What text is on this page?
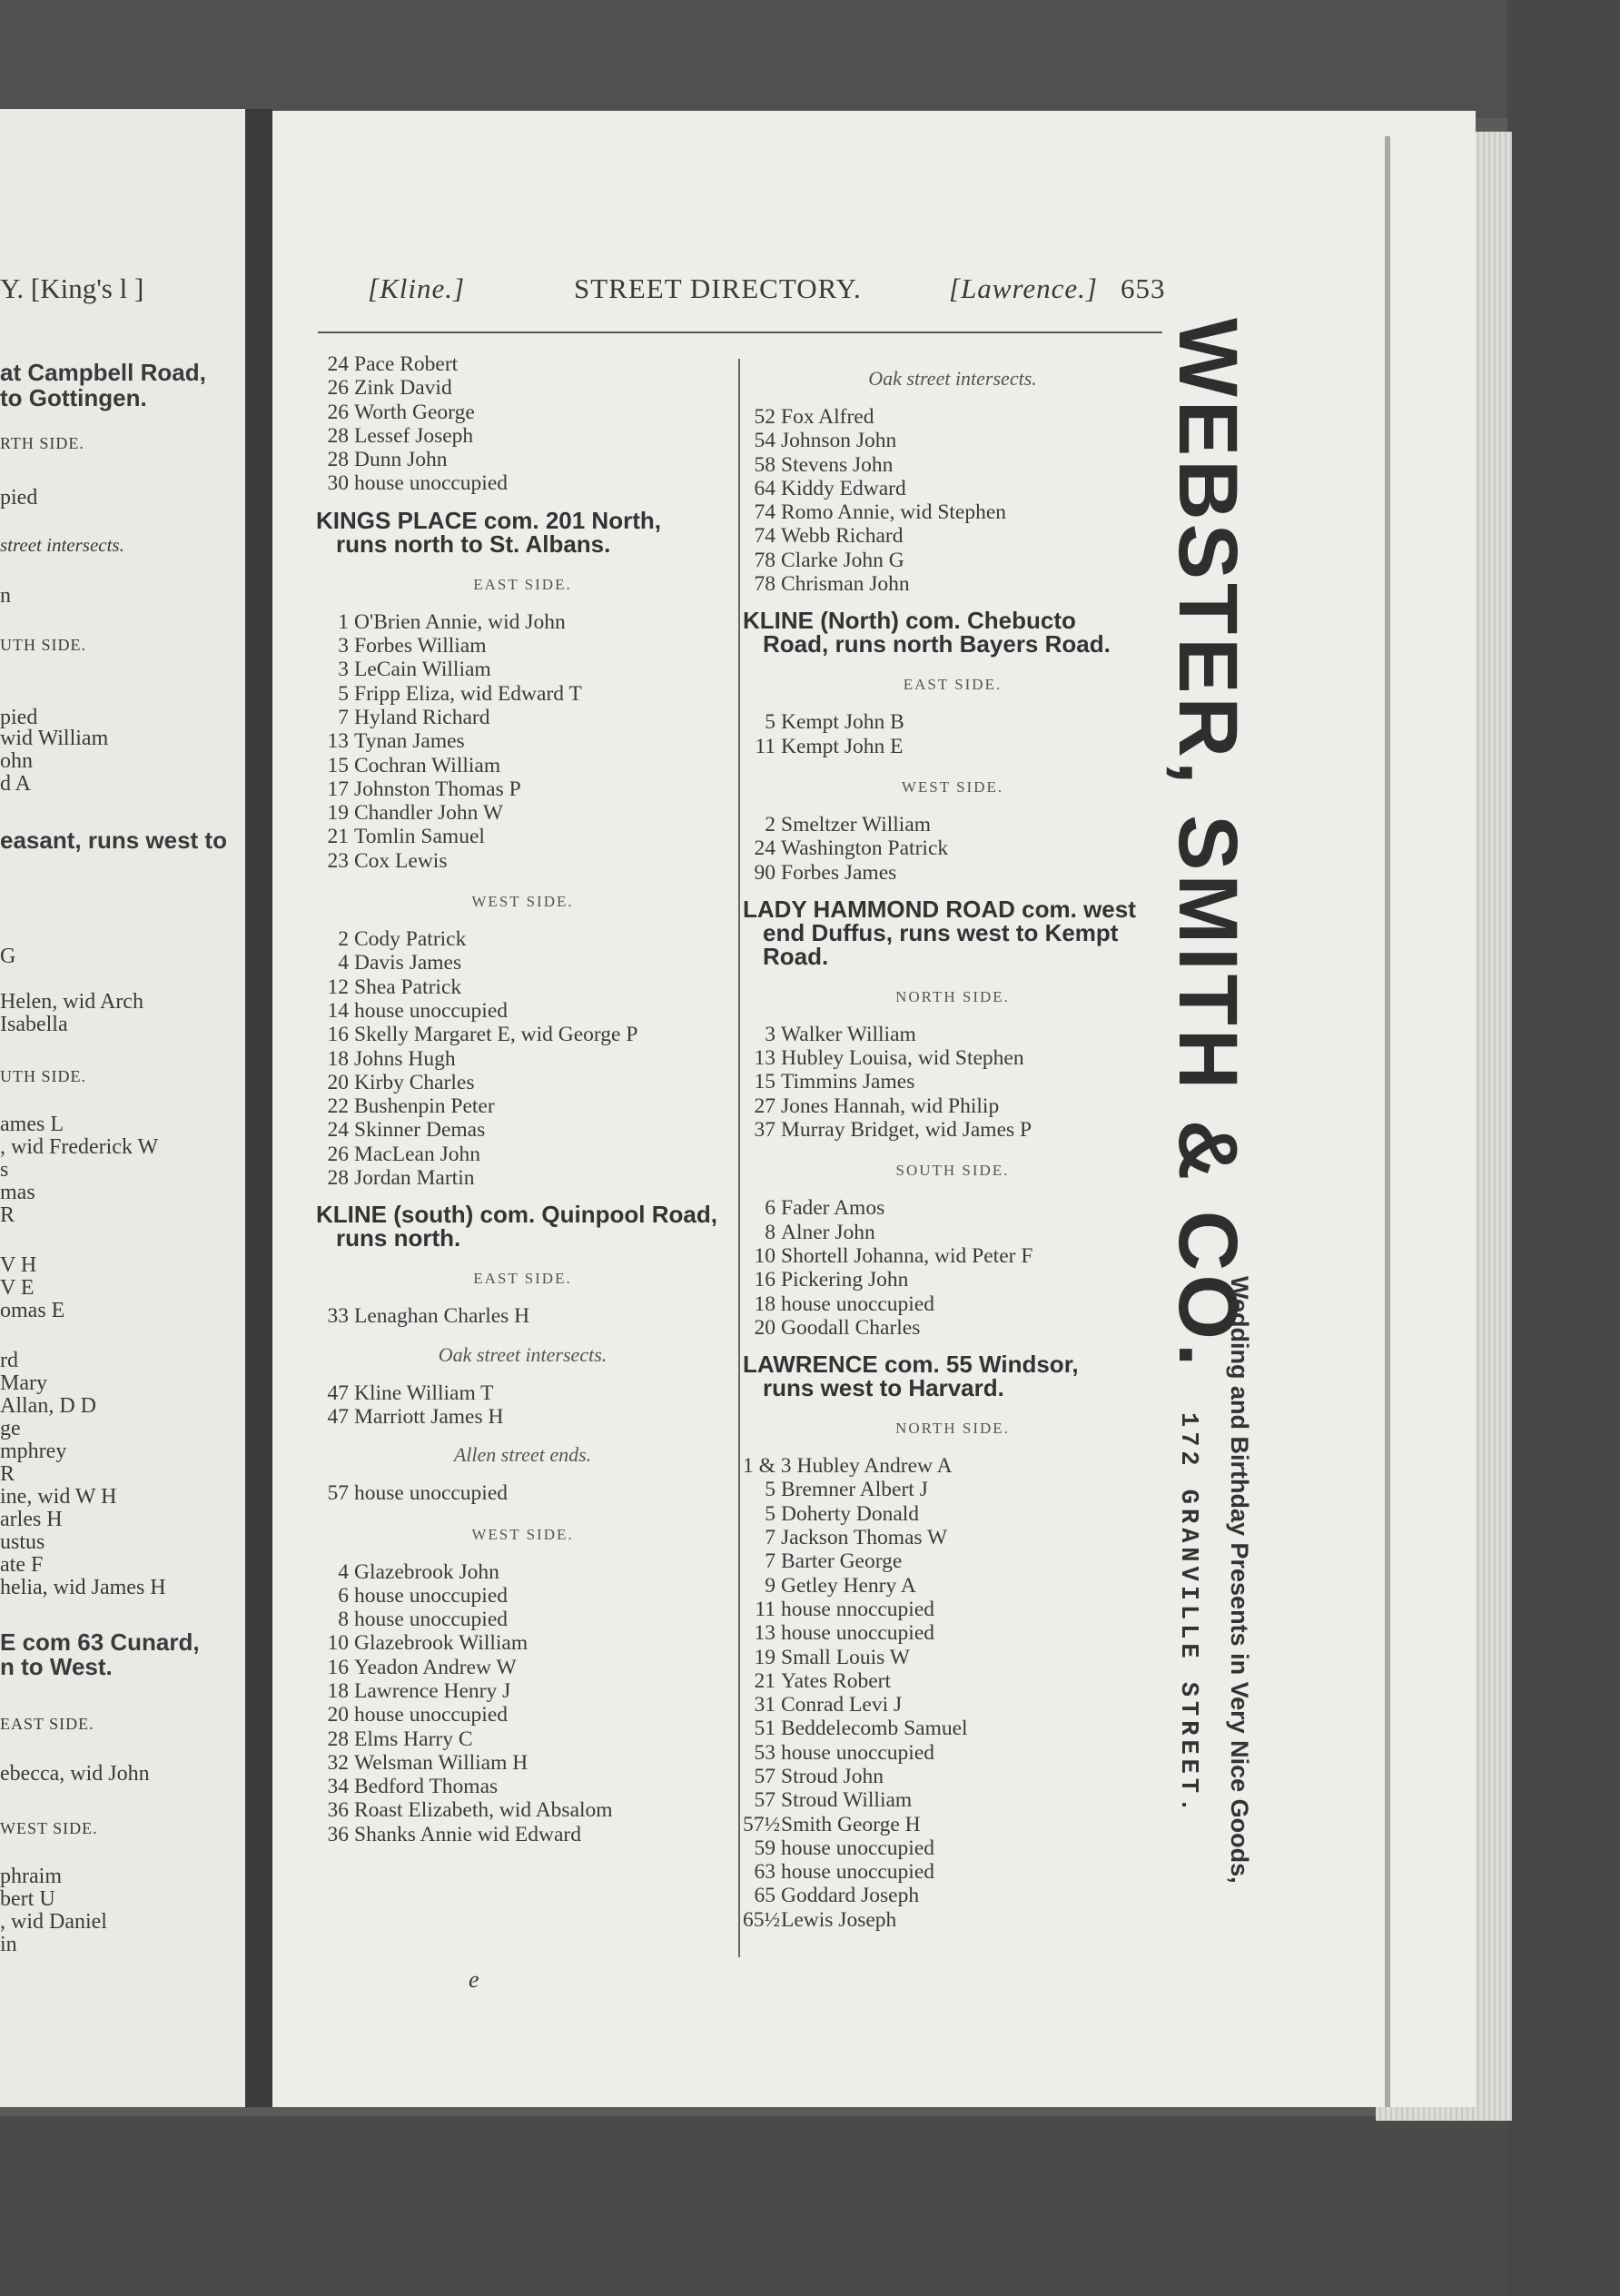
Y. [King's l ]
at Campbell Road,
to Gottingen.
RTH SIDE.
pied
street intersects.
n
UTH SIDE.
pied
wid William
ohn
d A
easant, runs west to
G
Helen, wid Arch
Isabella
UTH SIDE.
ames L
, wid Frederick W
s
mas
R
V H
V E
omas E
rd
Mary
Allan, D D
ge
mphrey
R
ine, wid W H
arles H
ustus
ate F
helia, wid James H
E com 63 Cunard,
n to West.
EAST SIDE.
ebecca, wid John
WEST SIDE.
phraim
bert U
, wid Daniel
in
[Kline.]	STREET DIRECTORY.	[Lawrence.] 653
24 Pace Robert
26 Zink David
26 Worth George
28 Lessef Joseph
28 Dunn John
30 house unoccupied
KINGS PLACE com. 201 North,
runs north to St. Albans.
EAST SIDE.
1 O'Brien Annie, wid John
3 Forbes William
3 LeCain William
5 Fripp Eliza, wid Edward T
7 Hyland Richard
13 Tynan James
15 Cochran William
17 Johnston Thomas P
19 Chandler John W
21 Tomlin Samuel
23 Cox Lewis
WEST SIDE.
2 Cody Patrick
4 Davis James
12 Shea Patrick
14 house unoccupied
16 Skelly Margaret E, wid George P
18 Johns Hugh
20 Kirby Charles
22 Bushenpin Peter
24 Skinner Demas
26 MacLean John
28 Jordan Martin
KLINE (south) com. Quinpool Road,
runs north.
EAST SIDE.
33 Lenaghan Charles H
Oak street intersects.
47 Kline William T
47 Marriott James H
Allen street ends.
57 house unoccupied
WEST SIDE.
4 Glazebrook John
6 house unoccupied
8 house unoccupied
10 Glazebrook William
16 Yeadon Andrew W
18 Lawrence Henry J
20 house unoccupied
28 Elms Harry C
32 Welsman William H
34 Bedford Thomas
36 Roast Elizabeth, wid Absalom
36 Shanks Annie wid Edward
Oak street intersects.
52 Fox Alfred
54 Johnson John
58 Stevens John
64 Kiddy Edward
74 Romo Annie, wid Stephen
74 Webb Richard
78 Clarke John G
78 Chrisman John
KLINE (North) com. Chebucto
Road, runs north Bayers Road.
EAST SIDE.
5 Kempt John B
11 Kempt John E
WEST SIDE.
2 Smeltzer William
24 Washington Patrick
90 Forbes James
LADY HAMMOND ROAD com. west
end Duffus, runs west to Kempt
Road.
NORTH SIDE.
3 Walker William
13 Hubley Louisa, wid Stephen
15 Timmins James
27 Jones Hannah, wid Philip
37 Murray Bridget, wid James P
SOUTH SIDE.
6 Fader Amos
8 Alner John
10 Shortell Johanna, wid Peter F
16 Pickering John
18 house unoccupied
20 Goodall Charles
LAWRENCE com. 55 Windsor,
runs west to Harvard.
NORTH SIDE.
1 & 3 Hubley Andrew A
5 Bremner Albert J
5 Doherty Donald
7 Jackson Thomas W
7 Barter George
9 Getley Henry A
11 house nnoccupied
13 house unoccupied
19 Small Louis W
21 Yates Robert
31 Conrad Levi J
51 Beddelecomb Samuel
53 house unoccupied
57 Stroud John
57 Stroud William
57½Smith George H
59 house unoccupied
63 house unoccupied
65 Goddard Joseph
65½Lewis Joseph
e
WEBSTER, SMITH & CO.
Wedding and Birthday Presents in Very Nice Goods,
172 GRANVILLE STREET.
